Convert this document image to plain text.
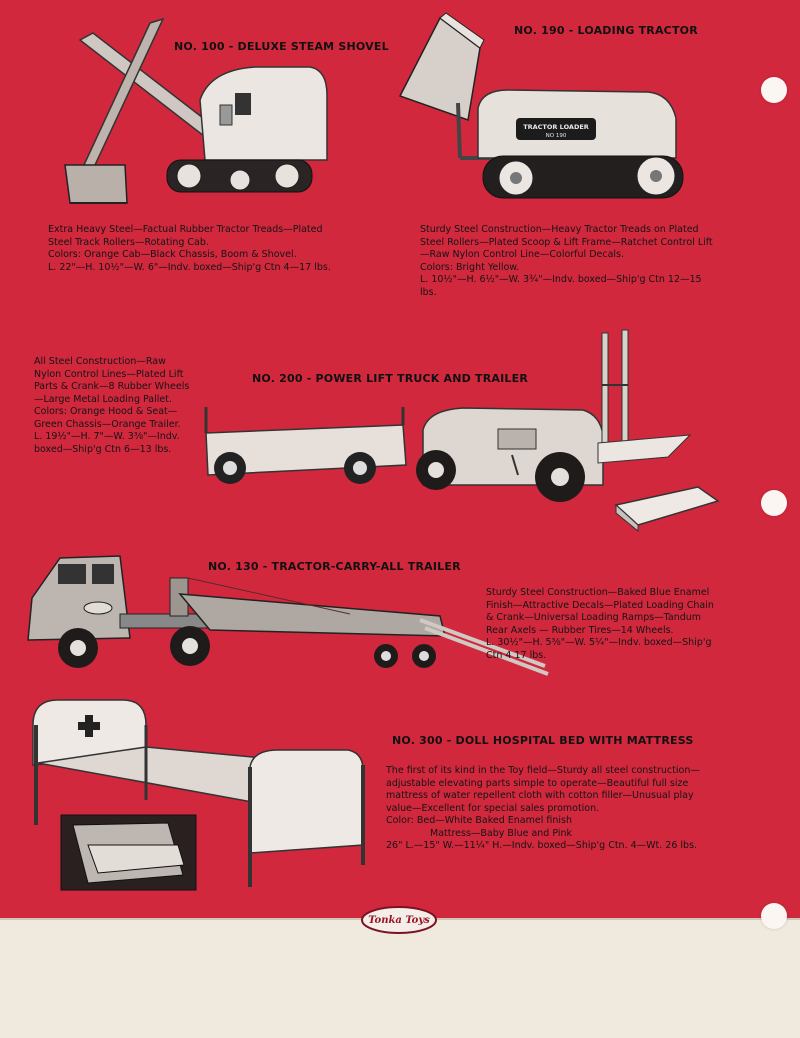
NO. 100 - DELUXE STEAM SHOVEL

Extra Heavy Steel—Factual Rubber Tractor Treads—Plated Steel Track Rollers—Rotating Cab.

Colors: Orange Cab—Black Chassis, Boom & Shovel.

L. 22"—H. 10½"—W. 6"—Indv. boxed—Ship'g Ctn 4—17 lbs.

TRACTOR LOADER
NO 190
NO. 190 - LOADING TRACTOR

Sturdy Steel Construction—Heavy Tractor Treads on Plated Steel Rollers—Plated Scoop & Lift Frame—Ratchet Control Lift—Raw Nylon Control Line—Colorful Decals.

Colors: Bright Yellow.

L. 10½"—H. 6½"—W. 3¾"—Indv. boxed—Ship'g Ctn 12—15 lbs.

All Steel Construction—Raw Nylon Control Lines—Plated Lift Parts & Crank—8 Rubber Wheels—Large Metal Loading Pallet.

Colors: Orange Hood & Seat—Green Chassis—Orange Trailer.

L. 19½"—H. 7"—W. 3⅜"—Indv. boxed—Ship'g Ctn 6—13 lbs.

NO. 200 - POWER LIFT TRUCK AND TRAILER
NO. 130 - TRACTOR-CARRY-ALL TRAILER

Sturdy Steel Construction—Baked Blue Enamel Finish—Attractive Decals—Plated Loading Chain & Crank—Universal Loading Ramps—Tandum Rear Axels — Rubber Tires—14 Wheels.

L. 30½"—H. 5⅜"—W. 5¼"—Indv. boxed—Ship'g Ctn 4 17 lbs.

NO. 300 - DOLL HOSPITAL BED WITH MATTRESS

The first of its kind in the Toy field—Sturdy all steel construction—adjustable elevating parts simple to operate—Beautiful full size mattress of water repellent cloth with cotton filler—Unusual play value—Excellent for special sales promotion.

Color: Bed—White Baked Enamel finish

Mattress—Baby Blue and Pink

26" L.—15" W.—11¼" H.—Indv. boxed—Ship'g Ctn. 4—Wt. 26 lbs.

Tonka Toys
